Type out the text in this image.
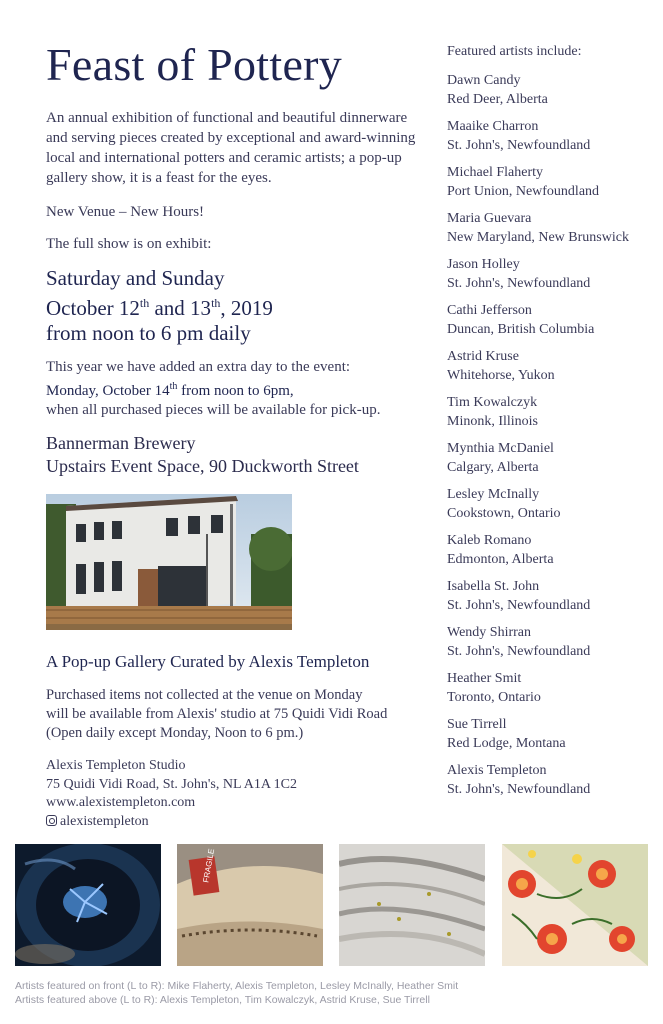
Feast of Pottery

An annual exhibition of functional and beautiful dinnerware and serving pieces created by exceptional and award-winning local and international potters and ceramic artists; a pop-up gallery show, it is a feast for the eyes.

New Venue – New Hours!

The full show is on exhibit:

Saturday and Sunday
October 12th and 13th, 2019
from noon to 6 pm daily
This year we have added an extra day to the event:
Monday, October 14th from noon to 6pm,
when all purchased pieces will be available for pick-up.
Bannerman Brewery
Upstairs Event Space, 90 Duckworth Street

A Pop-up Gallery Curated by Alexis Templeton

Purchased items not collected at the venue on Monday
will be available from Alexis' studio at 75 Quidi Vidi Road
(Open daily except Monday, Noon to 6 pm.)
Alexis Templeton Studio
75 Quidi Vidi Road, St. John's, NL A1A 1C2
www.alexistempleton.com
alexistempleton
Featured artists include:
Dawn Candy
Red Deer, Alberta
Maaike Charron
St. John's, Newfoundland
Michael Flaherty
Port Union, Newfoundland
Maria Guevara
New Maryland, New Brunswick
Jason Holley
St. John's, Newfoundland
Cathi Jefferson
Duncan, British Columbia
Astrid Kruse
Whitehorse, Yukon
Tim Kowalczyk
Minonk, Illinois
Mynthia McDaniel
Calgary, Alberta
Lesley McInally
Cookstown, Ontario
Kaleb Romano
Edmonton, Alberta
Isabella St. John
St. John's, Newfoundland
Wendy Shirran
St. John's, Newfoundland
Heather Smit
Toronto, Ontario
Sue Tirrell
Red Lodge, Montana
Alexis Templeton
St. John's, Newfoundland
FRAGILE
Artists featured on front (L to R): Mike Flaherty, Alexis Templeton, Lesley McInally, Heather Smit
Artists featured above (L to R): Alexis Templeton, Tim Kowalczyk, Astrid Kruse, Sue Tirrell
